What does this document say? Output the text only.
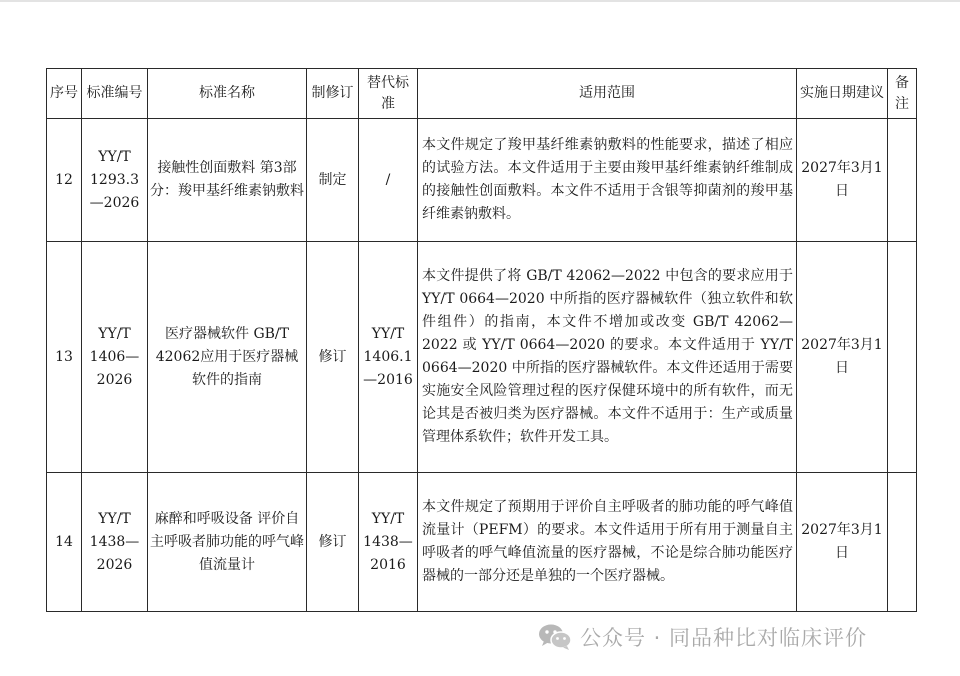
序号	标准编号	标准名称	制修订	替代标准	适用范围	实施日期建议	备注
12	YY/T 1293.3—2026	接触性创面敷料 第3部分：羧甲基纤维素钠敷料	制定	/	本文件规定了羧甲基纤维素钠敷料的性能要求，描述了相应的试验方法。本文件适用于主要由羧甲基纤维素钠纤维制成的接触性创面敷料。本文件不适用于含银等抑菌剂的羧甲基纤维素钠敷料。	2027年3月1日	
13	YY/T 1406—2026	医疗器械软件 GB/T 42062应用于医疗器械软件的指南	修订	YY/T 1406.1—2016	本文件提供了将 GB/T 42062—2022 中包含的要求应用于 YY/T 0664—2020 中所指的医疗器械软件（独立软件和软件组件）的指南，本文件不增加或改变 GB/T 42062—2022 或 YY/T 0664—2020 的要求。本文件适用于 YY/T 0664—2020 中所指的医疗器械软件。本文件还适用于需要实施安全风险管理过程的医疗保健环境中的所有软件，而无论其是否被归类为医疗器械。本文件不适用于：生产或质量管理体系软件；软件开发工具。	2027年3月1日	
14	YY/T 1438—2026	麻醉和呼吸设备 评价自主呼吸者肺功能的呼气峰值流量计	修订	YY/T 1438—2016	本文件规定了预期用于评价自主呼吸者的肺功能的呼气峰值流量计（PEFM）的要求。本文件适用于所有用于测量自主呼吸者的呼气峰值流量的医疗器械，不论是综合肺功能医疗器械的一部分还是单独的一个医疗器械。	2027年3月1日	
公众号 · 同品种比对临床评价
